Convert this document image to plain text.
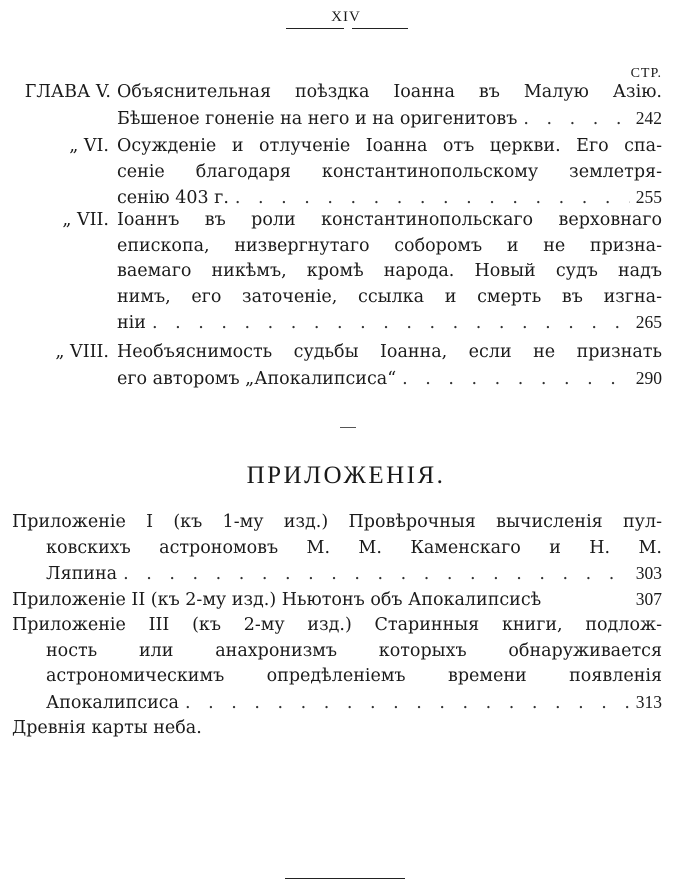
XIV
СТР.
ГЛАВА V. Объяснительная поѣздка Іоанна въ Малую Азію.
Бѣшеное гоненіе на него и на оригенитовъ . . .	242
„ VI. Осужденіе и отлученіе Іоанна отъ церкви. Его спа-
сеніе благодаря константинопольскому землетря-
сенію 403 г. . . .	255
„ VII. Іоаннъ въ роли константинопольскаго верховнаго
епископа, низвергнутаго соборомъ и не призна-
ваемаго никѣмъ, кромѣ народа. Новый судъ надъ
нимъ, его заточеніе, ссылка и смерть въ изгна-
ніи . . .	265
„ VIII. Необъяснимость судьбы Іоанна, если не признать
его авторомъ „Апокалипсиса“ . . .	290
ПРИЛОЖЕНІЯ.
Приложеніе I (къ 1-му изд.) Провѣрочныя вычисленія пул-
ковскихъ астрономовъ М. М. Каменскаго и Н. М.
Ляпина . . .	303
Приложеніе II (къ 2-му изд.) Ньютонъ объ Апокалипсисѣ	307
Приложеніе III (къ 2-му изд.) Старинныя книги, подлож-
ность или анахронизмъ которыхъ обнаруживается
астрономическимъ опредѣленіемъ времени появленія
Апокалипсиса . . .	313
Древнія карты неба.
